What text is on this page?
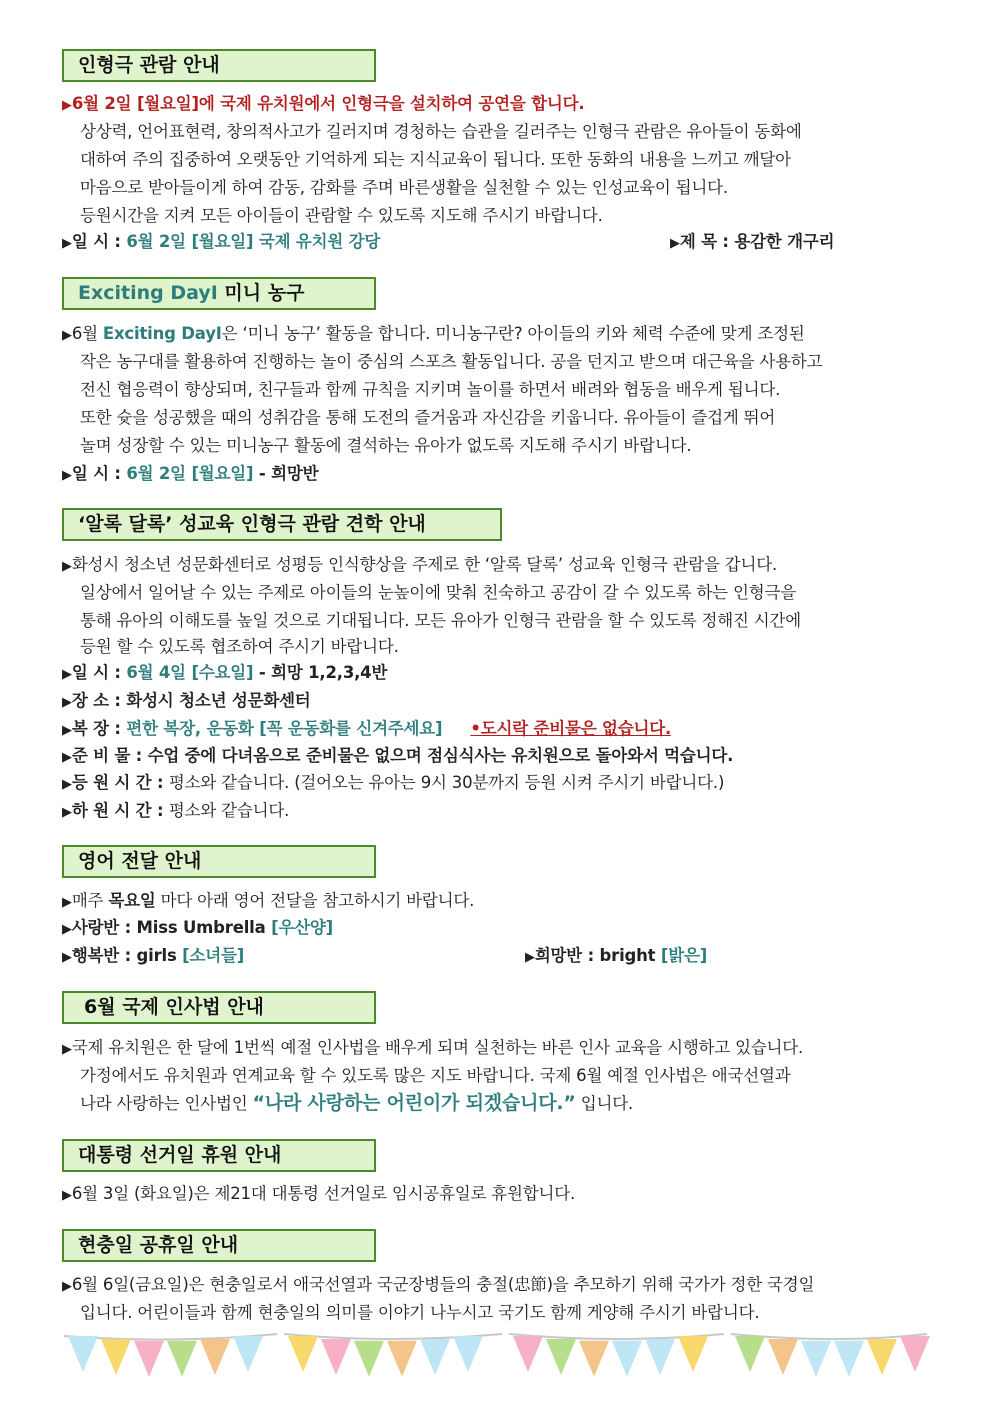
인형극 관람 안내
▶6월 2일 [월요일]에 국제 유치원에서 인형극을 설치하여 공연을 합니다.
상상력, 언어표현력, 창의적사고가 길러지며 경청하는 습관을 길러주는 인형극 관람은 유아들이 동화에
대하여 주의 집중하여 오랫동안 기억하게 되는 지식교육이 됩니다. 또한 동화의 내용을 느끼고 깨달아
마음으로 받아들이게 하여 감동, 감화를 주며 바른생활을 실천할 수 있는 인성교육이 됩니다.
등원시간을 지켜 모든 아이들이 관람할 수 있도록 지도해 주시기 바랍니다.
▶일 시 : 6월 2일 [월요일] 국제 유치원 강당	▶제 목 : 용감한 개구리
Exciting DayⅠ 미니 농구
▶6월 Exciting DayⅠ은 ‘미니 농구’ 활동을 합니다. 미니농구란? 아이들의 키와 체력 수준에 맞게 조정된
작은 농구대를 활용하여 진행하는 놀이 중심의 스포츠 활동입니다. 공을 던지고 받으며 대근육을 사용하고
전신 협응력이 향상되며, 친구들과 함께 규칙을 지키며 놀이를 하면서 배려와 협동을 배우게 됩니다.
또한 슛을 성공했을 때의 성취감을 통해 도전의 즐거움과 자신감을 키웁니다. 유아들이 즐겁게 뛰어
놀며 성장할 수 있는 미니농구 활동에 결석하는 유아가 없도록 지도해 주시기 바랍니다.
▶일 시 : 6월 2일 [월요일] - 희망반
‘알록 달록’ 성교육 인형극 관람 견학 안내
▶화성시 청소년 성문화센터로 성평등 인식향상을 주제로 한 ‘알록 달록’ 성교육 인형극 관람을 갑니다.
일상에서 일어날 수 있는 주제로 아이들의 눈높이에 맞춰 친숙하고 공감이 갈 수 있도록 하는 인형극을
통해 유아의 이해도를 높일 것으로 기대됩니다. 모든 유아가 인형극 관람을 할 수 있도록 정해진 시간에
등원 할 수 있도록 협조하여 주시기 바랍니다.
▶일 시 : 6월 4일 [수요일] - 희망 1,2,3,4반
▶장 소 : 화성시 청소년 성문화센터
▶복 장 : 편한 복장, 운동화 [꼭 운동화를 신겨주세요] •도시락 준비물은 없습니다.
▶준 비 물 : 수업 중에 다녀옴으로 준비물은 없으며 점심식사는 유치원으로 돌아와서 먹습니다.
▶등 원 시 간 : 평소와 같습니다. (걸어오는 유아는 9시 30분까지 등원 시켜 주시기 바랍니다.)
▶하 원 시 간 : 평소와 같습니다.
영어 전달 안내
▶매주 목요일 마다 아래 영어 전달을 참고하시기 바랍니다.
▶사랑반 : Miss Umbrella [우산양]
▶행복반 : girls [소녀들]	▶희망반 : bright [밝은]
6월 국제 인사법 안내
▶국제 유치원은 한 달에 1번씩 예절 인사법을 배우게 되며 실천하는 바른 인사 교육을 시행하고 있습니다.
가정에서도 유치원과 연계교육 할 수 있도록 많은 지도 바랍니다. 국제 6월 예절 인사법은 애국선열과
나라 사랑하는 인사법인 “나라 사랑하는 어린이가 되겠습니다.” 입니다.
대통령 선거일 휴원 안내
▶6월 3일 (화요일)은 제21대 대통령 선거일로 임시공휴일로 휴원합니다.
현충일 공휴일 안내
▶6월 6일(금요일)은 현충일로서 애국선열과 국군장병들의 충절(忠節)을 추모하기 위해 국가가 정한 국경일
입니다. 어린이들과 함께 현충일의 의미를 이야기 나누시고 국기도 함께 게양해 주시기 바랍니다.
